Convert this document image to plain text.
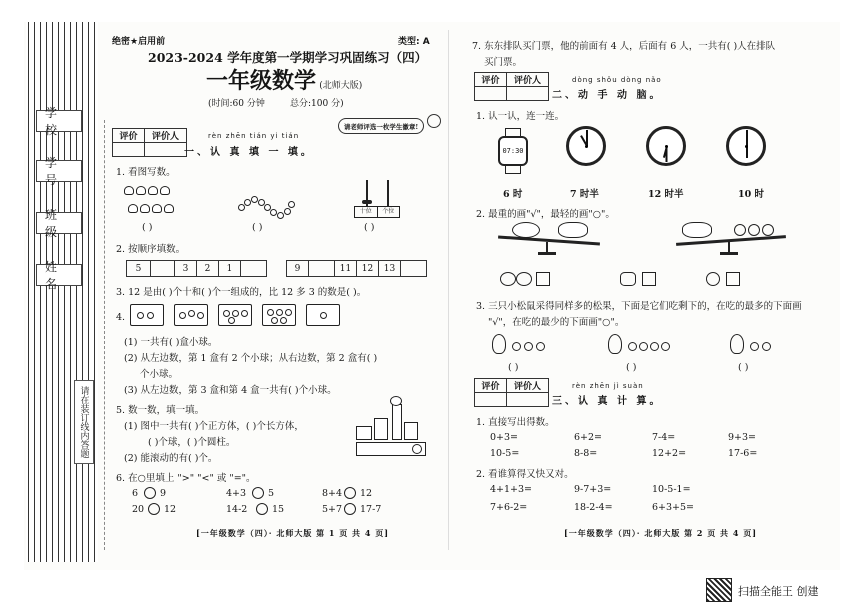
学校
学号
班级
姓名
请在装订线内答题
绝密★启用前	类型: A
2023-2024 学年度第一学期学习巩固练习（四）
一年级数学 (北师大版)
(时间:60 分钟	总分:100 分)
请老师评选一枚学生徽章!
评价	评价人
		rèn zhēn tián yi tián
一、认 真 填 一 填。
1. 看图写数。
十位	个位
( )	( )	( )
2. 按顺序填数。
5		3	2	1		9		11	12	13	
3. 12 是由( )个十和( )个一组成的，比 12 多 3 的数是( )。
4.
(1) 一共有( )盒小球。
(2) 从左边数，第 1 盒有 2 个小球；从右边数，第 2 盒有( )
个小球。
(3) 从左边数，第 3 盒和第 4 盒一共有( )个小球。
5. 数一数，填一填。
(1) 图中一共有( )个正方体，( )个长方体，
( )个球，( )个圆柱。
(2) 能滚动的有( )个。
6. 在○里填上 ">" "<" 或 "="。
6 9	4+3 5	8+4 12
20 12	14-2	15	5+7 17-7
[一年级数学（四）· 北师大版 第 1 页 共 4 页]
7. 东东排队买门票，他的前面有 4 人，后面有 6 人，一共有( )人在排队
买门票。
评价	评价人
		dòng shǒu dòng nǎo
二、动 手 动 脑。
1. 认一认，连一连。
07:30
6 时	7 时半	12 时半	10 时
2. 最重的画"√"，最轻的画"○"。
3. 三只小松鼠采得同样多的松果，下面是它们吃剩下的，在吃的最多的下面画
"√"，在吃的最少的下面画"○"。
( )	( )	( )
评价	评价人
		rèn zhēn jì suàn
三、认 真 计 算。
1. 直接写出得数。
0+3=	6+2=	7-4=	9+3=
10-5=	8-8=	12+2=	17-6=
2. 看谁算得又快又对。
4+1+3=	9-7+3=	10-5-1=
7+6-2=	18-2-4=	6+3+5=
[一年级数学（四）· 北师大版 第 2 页 共 4 页]
扫描全能王 创建
